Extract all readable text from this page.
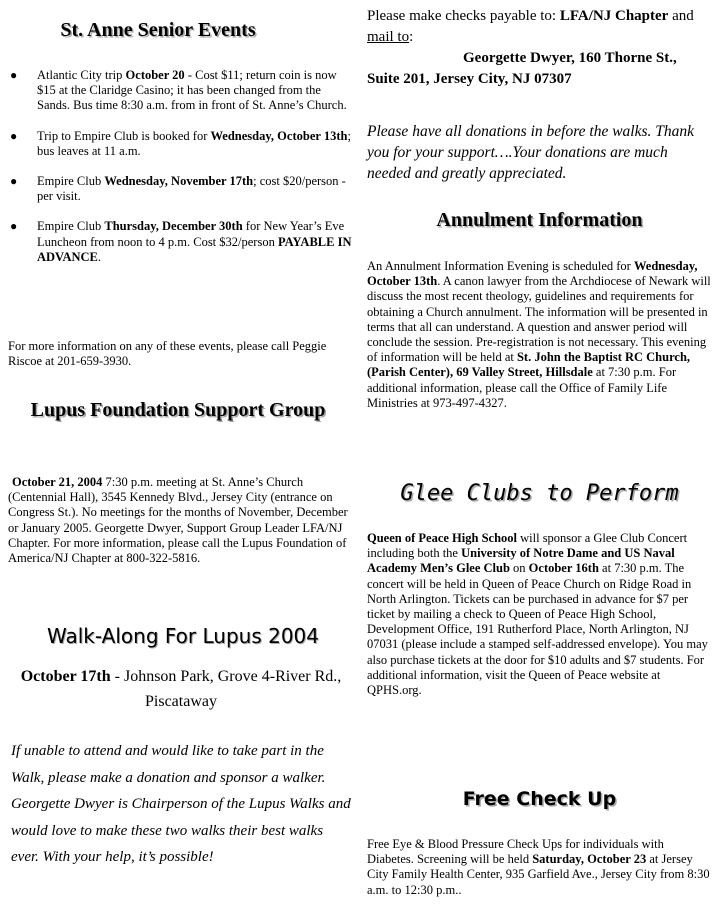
St. Anne Senior Events
● Atlantic City trip October 20 - Cost $11; return coin is now $15 at the Claridge Casino; it has been changed from the Sands. Bus time 8:30 a.m. from in front of St. Anne’s Church.
● Trip to Empire Club is booked for Wednesday, October 13th; bus leaves at 11 a.m.
● Empire Club Wednesday, November 17th; cost $20/person - per visit.
● Empire Club Thursday, December 30th for New Year’s Eve Luncheon from noon to 4 p.m. Cost $32/person PAYABLE IN ADVANCE.

For more information on any of these events, please call Peggie Riscoe at 201-659-3930.

Lupus Foundation Support Group

October 21, 2004 7:30 p.m. meeting at St. Anne’s Church (Centennial Hall), 3545 Kennedy Blvd., Jersey City (entrance on Congress St.). No meetings for the months of November, December or January 2005. Georgette Dwyer, Support Group Leader LFA/NJ Chapter. For more information, please call the Lupus Foundation of America/NJ Chapter at 800-322-5816.

Walk-Along For Lupus 2004

October 17th - Johnson Park, Grove 4-River Rd., Piscataway

If unable to attend and would like to take part in the Walk, please make a donation and sponsor a walker. Georgette Dwyer is Chairperson of the Lupus Walks and would love to make these two walks their best walks ever. With your help, it’s possible!

Please make checks payable to: LFA/NJ Chapter and mail to:
Georgette Dwyer, 160 Thorne St., Suite 201, Jersey City, NJ 07307

Please have all donations in before the walks. Thank you for your support….Your donations are much needed and greatly appreciated.

Annulment Information

An Annulment Information Evening is scheduled for Wednesday, October 13th. A canon lawyer from the Archdiocese of Newark will discuss the most recent theology, guidelines and requirements for obtaining a Church annulment. The information will be presented in terms that all can understand. A question and answer period will conclude the session. Pre-registration is not necessary. This evening of information will be held at St. John the Baptist RC Church, (Parish Center), 69 Valley Street, Hillsdale at 7:30 p.m. For additional information, please call the Office of Family Life Ministries at 973-497-4327.

Glee Clubs to Perform

Queen of Peace High School will sponsor a Glee Club Concert including both the University of Notre Dame and US Naval Academy Men’s Glee Club on October 16th at 7:30 p.m. The concert will be held in Queen of Peace Church on Ridge Road in North Arlington. Tickets can be purchased in advance for $7 per ticket by mailing a check to Queen of Peace High School, Development Office, 191 Rutherford Place, North Arlington, NJ 07031 (please include a stamped self-addressed envelope). You may also purchase tickets at the door for $10 adults and $7 students. For additional information, visit the Queen of Peace website at QPHS.org.

Free Check Up

Free Eye & Blood Pressure Check Ups for individuals with Diabetes. Screening will be held Saturday, October 23 at Jersey City Family Health Center, 935 Garfield Ave., Jersey City from 8:30 a.m. to 12:30 p.m..
